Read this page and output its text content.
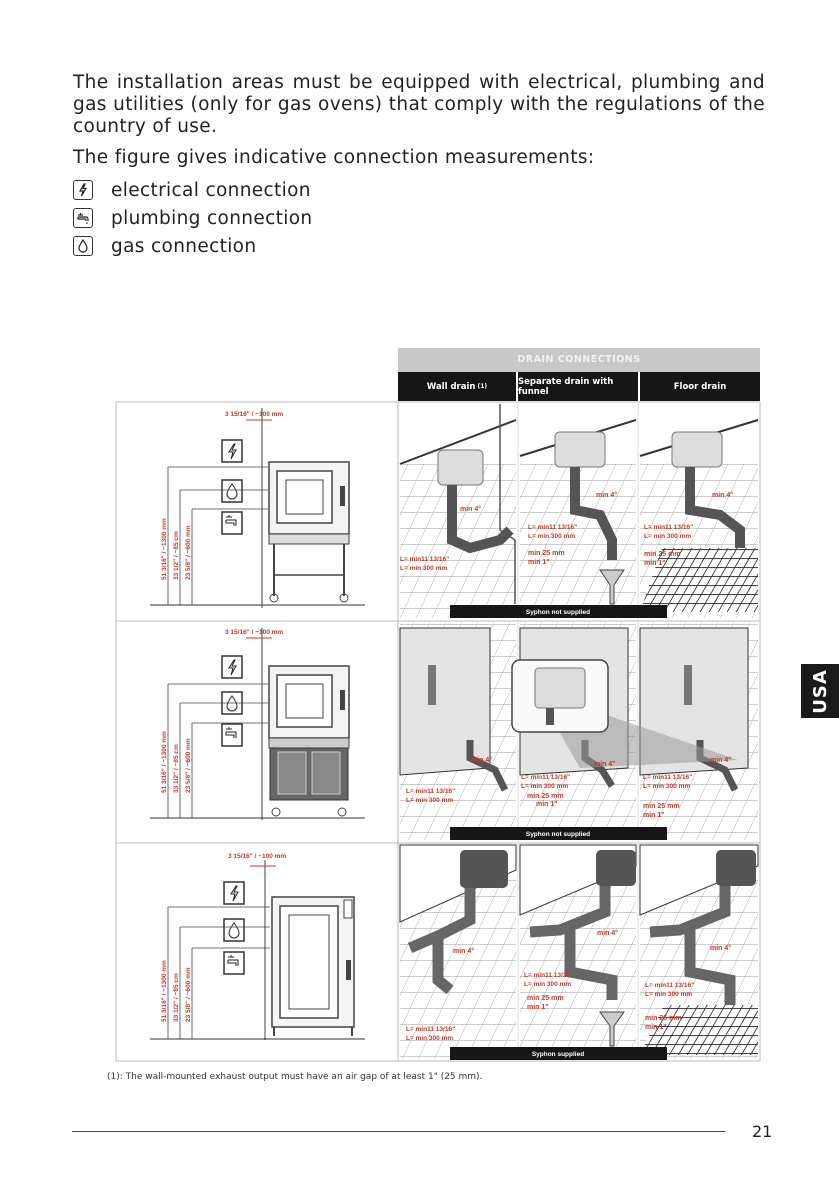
The installation areas must be equipped with electrical, plumbing and gas utilities (only for gas ovens) that comply with the regulations of the country of use.

The figure gives indicative connection measurements:

electrical connection
plumbing connection
gas connection
USA
DRAIN CONNECTIONS
Wall drain (1)	Separate drain with funnel	Floor drain
3 15/16" / ~100 mm
51 3/16" / ~1300 mm 33 1/2" / ~85 cm 23 5/8" / ~600 mm
3 15/16" / ~100 mm
51 3/16" / ~1300 mm 33 1/2" / ~85 cm 23 5/8" / ~600 mm
3 15/16" / ~100 mm
51 3/16" / ~1300 mm 33 1/2" / ~85 cm 23 5/8" / ~600 mm
min 4°
L= min11 13/16"
L= min 300 mm
min 4°
L= min11 13/16"
L= min 300 mm
min 25 mm
min 1"
min 4°
L= min11 13/16"
L= min 300 mm
min 25 mm
min 1"
Syphon not supplied
min 4°
L= min11 13/16"
L= min 300 mm
min 4°
L= min11 13/16"
L= min 300 mm
min 25 mm
min 1"
min 4°
L= min11 13/16"
L= min 300 mm
min 25 mm
min 1"
Syphon not supplied
min 4°
L= min11 13/16"
L= min 300 mm
min 4°
L= min11 13/16"
L= min 300 mm
min 25 mm
min 1"
min 4°
L= min11 13/16"
L= min 300 mm
min 25 mm
min 1"
Syphon supplied

(1): The wall-mounted exhaust output must have an air gap of at least 1" (25 mm).

21
